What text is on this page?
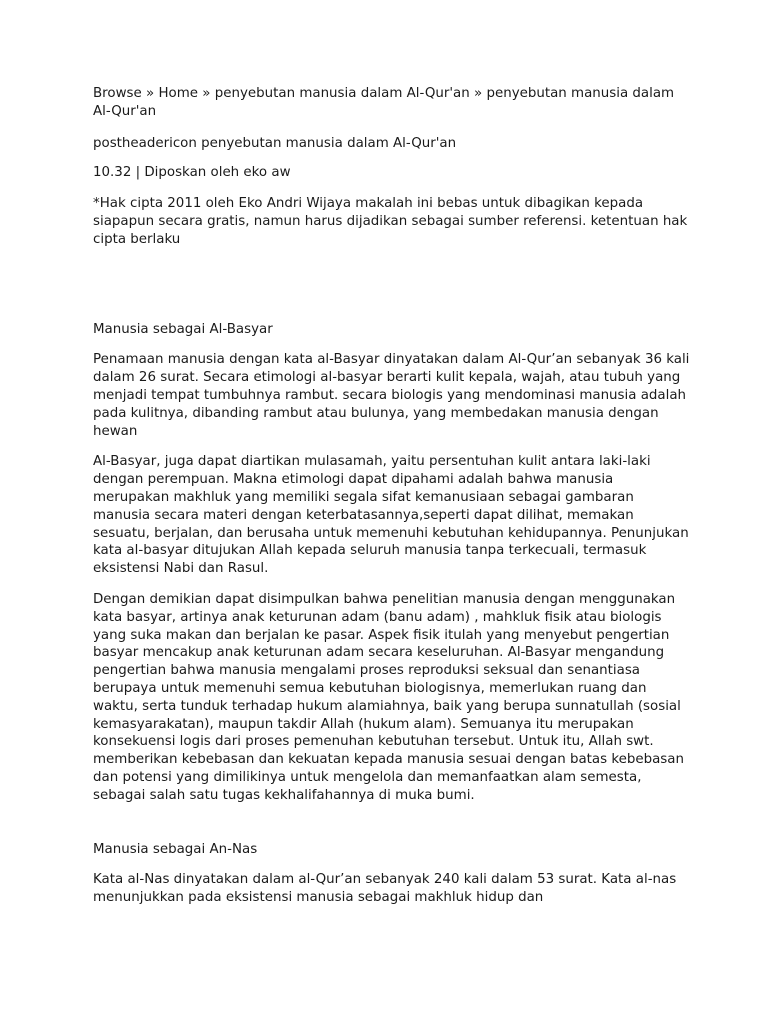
Browse » Home » penyebutan manusia dalam Al-Qur'an » penyebutan manusia dalam Al-Qur'an

postheadericon penyebutan manusia dalam Al-Qur'an

10.32 | Diposkan oleh eko aw

*Hak cipta 2011 oleh Eko Andri Wijaya makalah ini bebas untuk dibagikan kepada siapapun secara gratis, namun harus dijadikan sebagai sumber referensi. ketentuan hak cipta berlaku

Manusia sebagai Al-Basyar

Penamaan manusia dengan kata al-Basyar dinyatakan dalam Al-Qur’an sebanyak 36 kali dalam 26 surat. Secara etimologi al-basyar berarti kulit kepala, wajah, atau tubuh yang menjadi tempat tumbuhnya rambut. secara biologis yang mendominasi manusia adalah pada kulitnya, dibanding rambut atau bulunya, yang membedakan manusia dengan hewan

Al-Basyar, juga dapat diartikan mulasamah, yaitu persentuhan kulit antara laki-laki dengan perempuan. Makna etimologi dapat dipahami adalah bahwa manusia merupakan makhluk yang memiliki segala sifat kemanusiaan sebagai gambaran manusia secara materi dengan keterbatasannya,seperti dapat dilihat, memakan sesuatu, berjalan, dan berusaha untuk memenuhi kebutuhan kehidupannya. Penunjukan kata al-basyar ditujukan Allah kepada seluruh manusia tanpa terkecuali, termasuk eksistensi Nabi dan Rasul.

Dengan demikian dapat disimpulkan bahwa penelitian manusia dengan menggunakan kata basyar, artinya anak keturunan adam (banu adam) , mahkluk fisik atau biologis yang suka makan dan berjalan ke pasar. Aspek fisik itulah yang menyebut pengertian basyar mencakup anak keturunan adam secara keseluruhan. Al-Basyar mengandung pengertian bahwa manusia mengalami proses reproduksi seksual dan senantiasa berupaya untuk memenuhi semua kebutuhan biologisnya, memerlukan ruang dan waktu, serta tunduk terhadap hukum alamiahnya, baik yang berupa sunnatullah (sosial kemasyarakatan), maupun takdir Allah (hukum alam). Semuanya itu merupakan konsekuensi logis dari proses pemenuhan kebutuhan tersebut. Untuk itu, Allah swt. memberikan kebebasan dan kekuatan kepada manusia sesuai dengan batas kebebasan dan potensi yang dimilikinya untuk mengelola dan memanfaatkan alam semesta, sebagai salah satu tugas kekhalifahannya di muka bumi.

Manusia sebagai An-Nas

Kata al-Nas dinyatakan dalam al-Qur’an sebanyak 240 kali dalam 53 surat. Kata al-nas menunjukkan pada eksistensi manusia sebagai makhluk hidup dan
